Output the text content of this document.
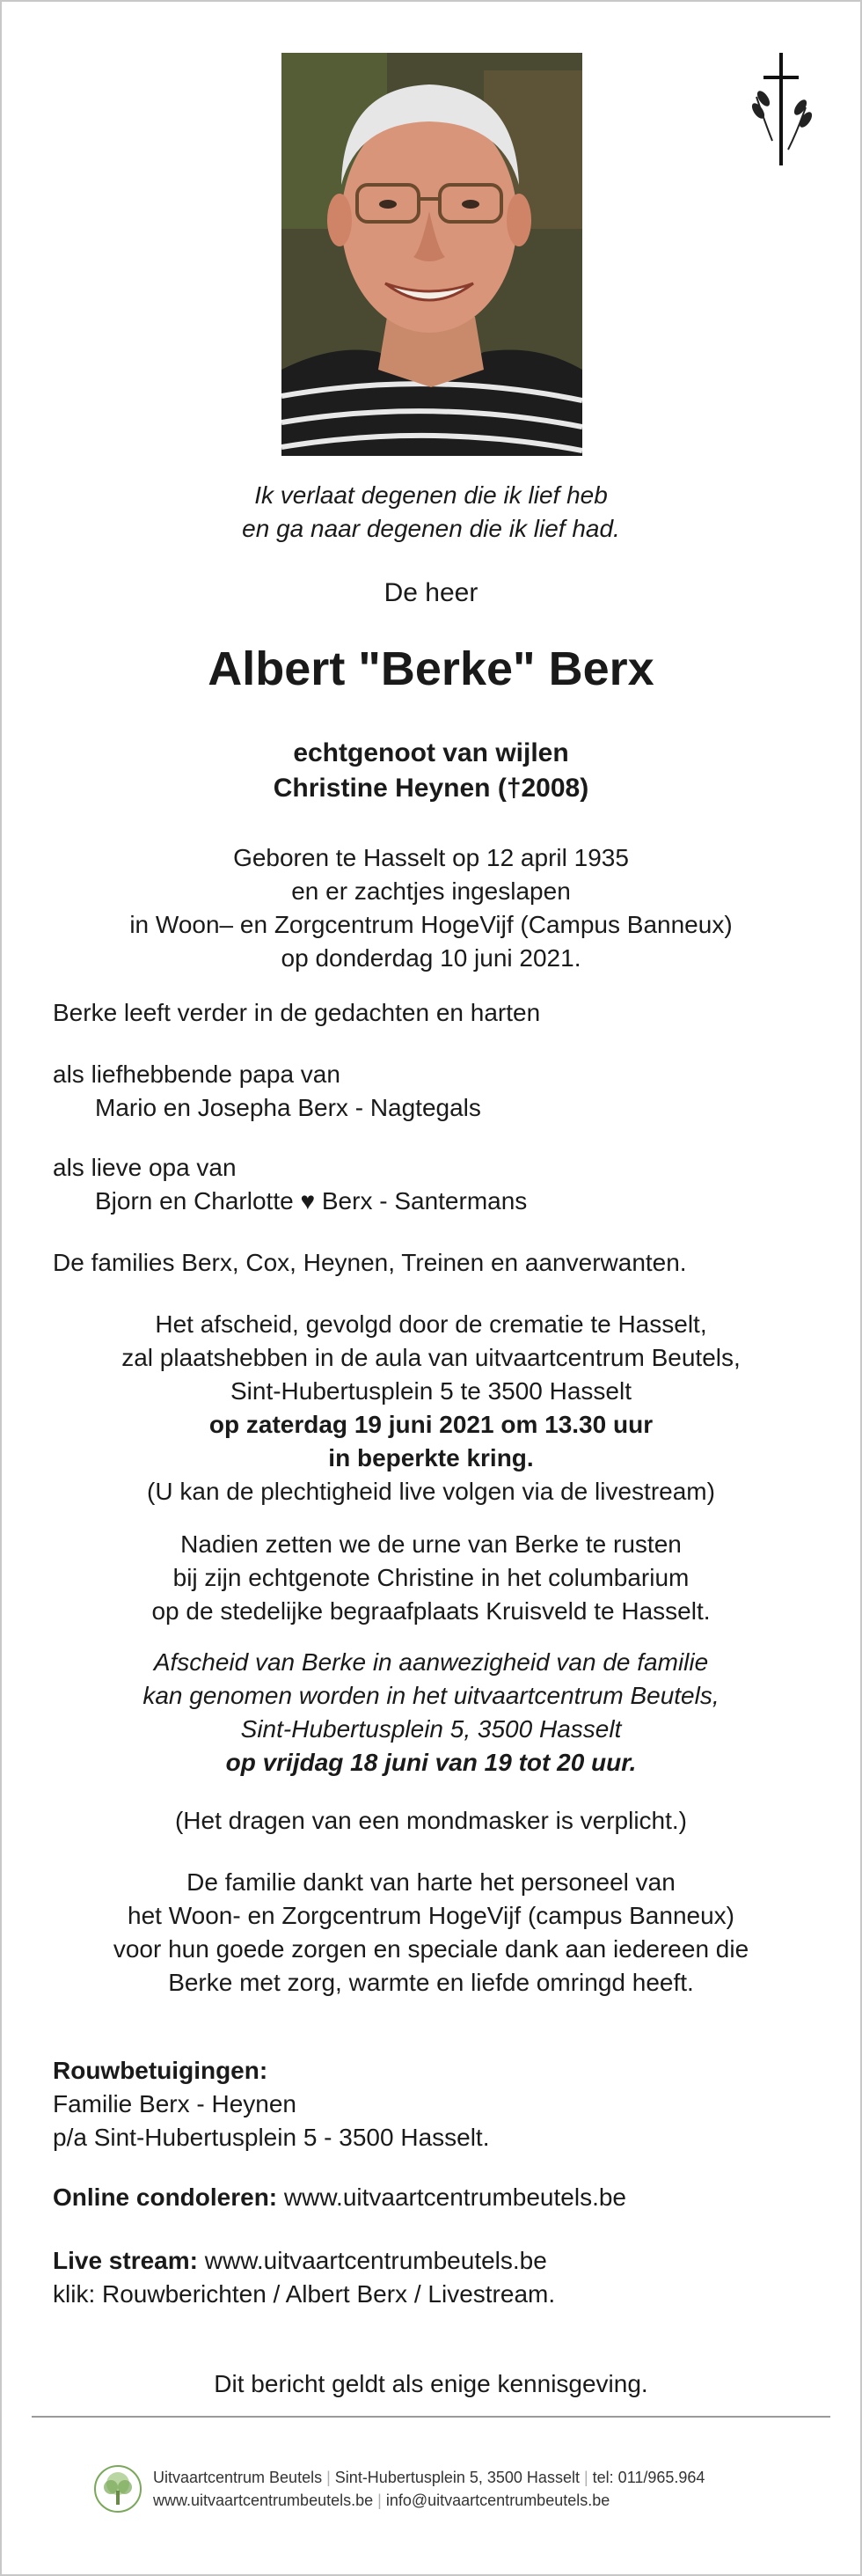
Ik verlaat degenen die ik lief heb
en ga naar degenen die ik lief had.
De heer
Albert "Berke" Berx
echtgenoot van wijlen
Christine Heynen (†2008)
Geboren te Hasselt op 12 april 1935
en er zachtjes ingeslapen
in Woon– en Zorgcentrum HogeVijf (Campus Banneux)
op donderdag 10 juni 2021.
Berke leeft verder in de gedachten en harten
als liefhebbende papa van
Mario en Josepha Berx - Nagtegals
als lieve opa van
Bjorn en Charlotte ♥ Berx - Santermans
De families Berx, Cox, Heynen, Treinen en aanverwanten.
Het afscheid, gevolgd door de crematie te Hasselt,
zal plaatshebben in de aula van uitvaartcentrum Beutels,
Sint-Hubertusplein 5 te 3500 Hasselt
op zaterdag 19 juni 2021 om 13.30 uur
in beperkte kring.
(U kan de plechtigheid live volgen via de livestream)
Nadien zetten we de urne van Berke te rusten
bij zijn echtgenote Christine in het columbarium
op de stedelijke begraafplaats Kruisveld te Hasselt.
Afscheid van Berke in aanwezigheid van de familie
kan genomen worden in het uitvaartcentrum Beutels,
Sint-Hubertusplein 5, 3500 Hasselt
op vrijdag 18 juni van 19 tot 20 uur.
(Het dragen van een mondmasker is verplicht.)
De familie dankt van harte het personeel van
het Woon- en Zorgcentrum HogeVijf (campus Banneux)
voor hun goede zorgen en speciale dank aan iedereen die
Berke met zorg, warmte en liefde omringd heeft.
Rouwbetuigingen:
Familie Berx - Heynen
p/a Sint-Hubertusplein 5 - 3500 Hasselt.
Online condoleren: www.uitvaartcentrumbeutels.be
Live stream: www.uitvaartcentrumbeutels.be
klik: Rouwberichten / Albert Berx / Livestream.
Dit bericht geldt als enige kennisgeving.
Uitvaartcentrum Beutels | Sint-Hubertusplein 5, 3500 Hasselt | tel: 011/965.964
www.uitvaartcentrumbeutels.be | info@uitvaartcentrumbeutels.be
